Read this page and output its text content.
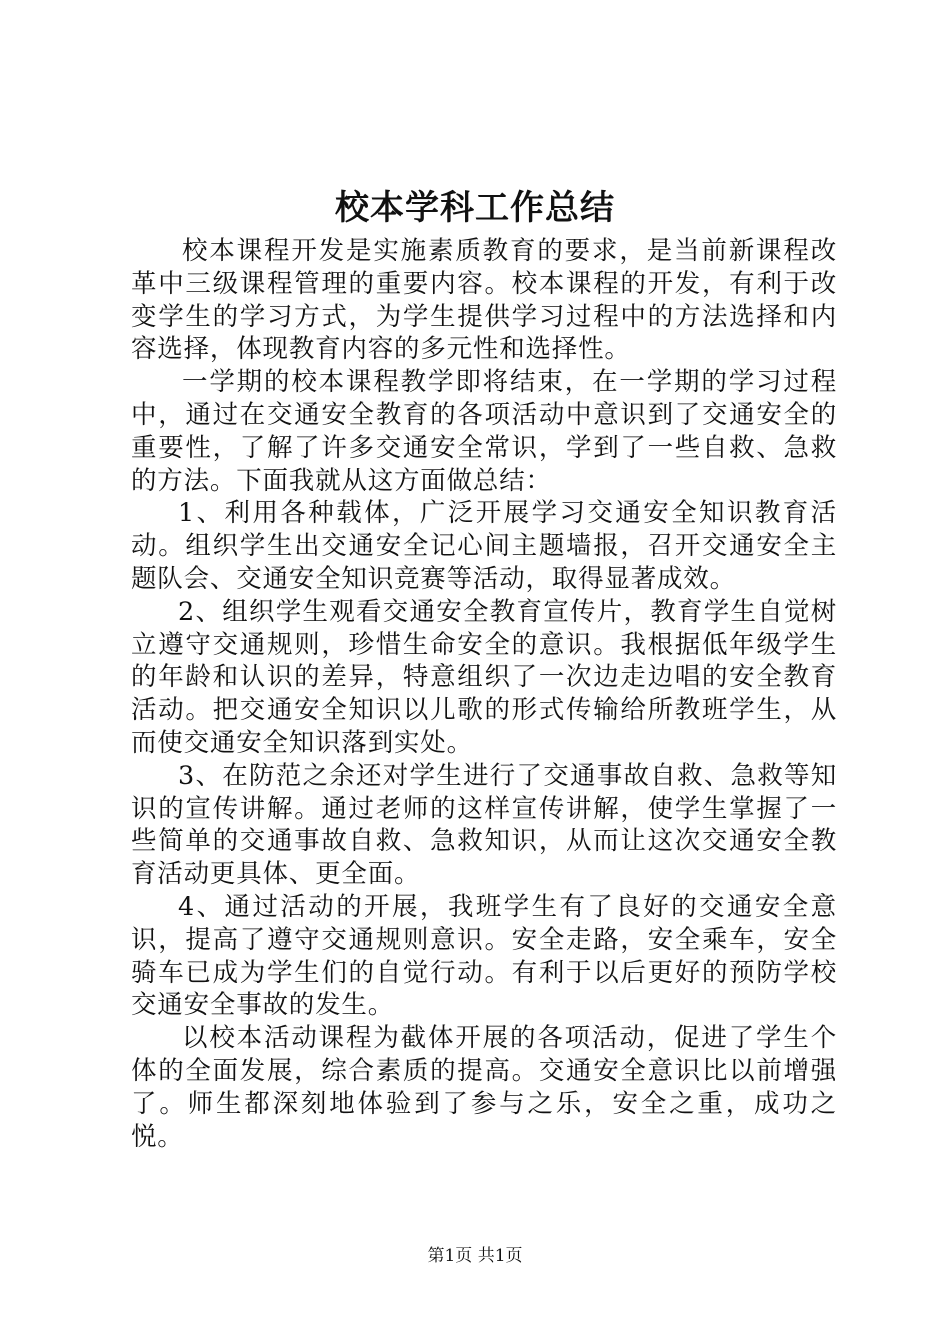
校本学科工作总结

校本课程开发是实施素质教育的要求，是当前新课程改革中三级课程管理的重要内容。校本课程的开发，有利于改变学生的学习方式，为学生提供学习过程中的方法选择和内容选择，体现教育内容的多元性和选择性。

一学期的校本课程教学即将结束，在一学期的学习过程中，通过在交通安全教育的各项活动中意识到了交通安全的重要性，了解了许多交通安全常识，学到了一些自救、急救的方法。下面我就从这方面做总结：

1、利用各种载体，广泛开展学习交通安全知识教育活动。组织学生出交通安全记心间主题墙报，召开交通安全主题队会、交通安全知识竞赛等活动，取得显著成效。

2、组织学生观看交通安全教育宣传片，教育学生自觉树立遵守交通规则，珍惜生命安全的意识。我根据低年级学生的年龄和认识的差异，特意组织了一次边走边唱的安全教育活动。把交通安全知识以儿歌的形式传输给所教班学生，从而使交通安全知识落到实处。

3、在防范之余还对学生进行了交通事故自救、急救等知识的宣传讲解。通过老师的这样宣传讲解，使学生掌握了一些简单的交通事故自救、急救知识，从而让这次交通安全教育活动更具体、更全面。

4、通过活动的开展，我班学生有了良好的交通安全意识，提高了遵守交通规则意识。安全走路，安全乘车，安全骑车已成为学生们的自觉行动。有利于以后更好的预防学校交通安全事故的发生。

以校本活动课程为截体开展的各项活动，促进了学生个体的全面发展，综合素质的提高。交通安全意识比以前增强了。师生都深刻地体验到了参与之乐，安全之重，成功之悦。

第1页 共1页
